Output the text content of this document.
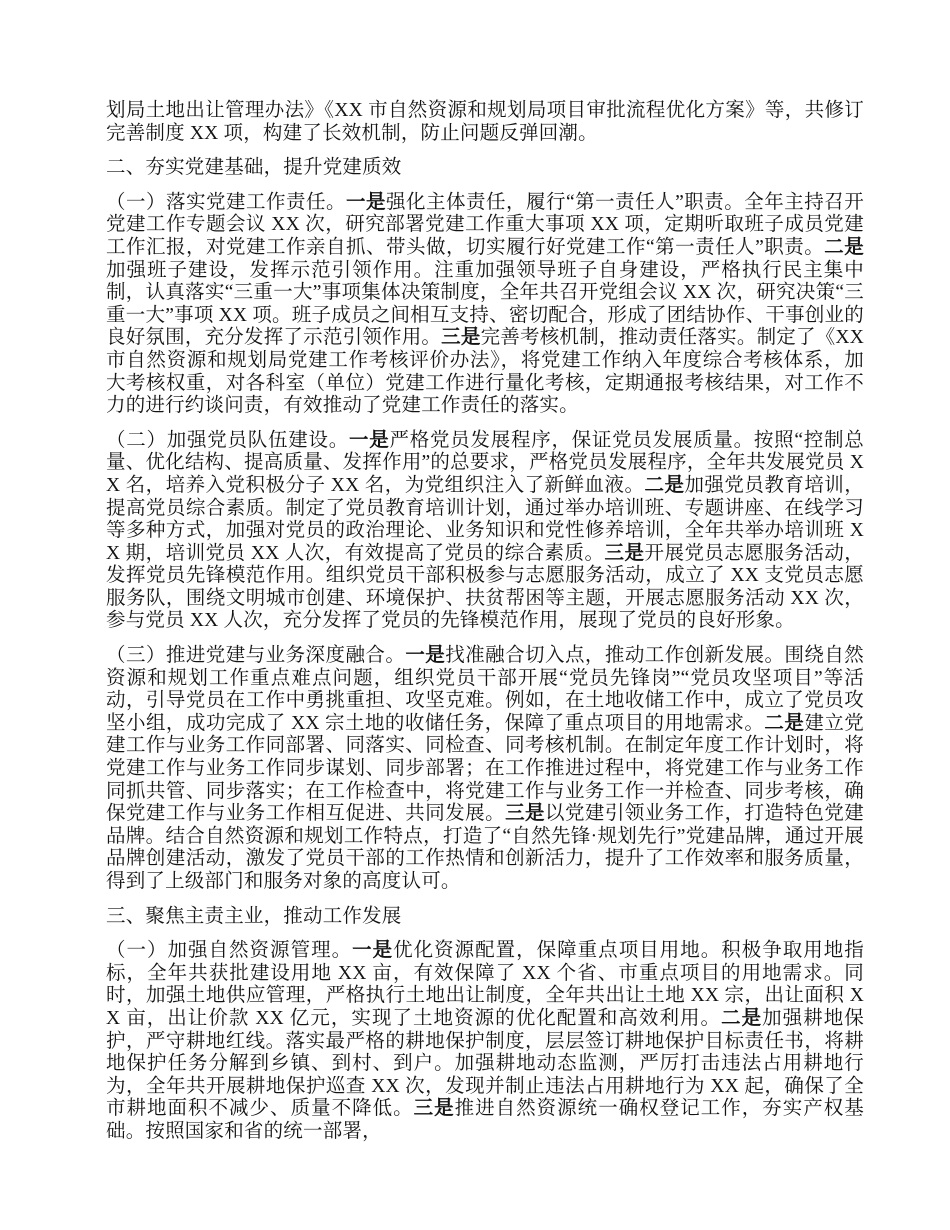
划局土地出让管理办法》《XX 市自然资源和规划局项目审批流程优化方案》等，共修订完善制度 XX 项，构建了长效机制，防止问题反弹回潮。

二、夯实党建基础，提升党建质效

（一）落实党建工作责任。一是强化主体责任，履行“第一责任人”职责。全年主持召开党建工作专题会议 XX 次，研究部署党建工作重大事项 XX 项，定期听取班子成员党建工作汇报，对党建工作亲自抓、带头做，切实履行好党建工作“第一责任人”职责。二是加强班子建设，发挥示范引领作用。注重加强领导班子自身建设，严格执行民主集中制，认真落实“三重一大”事项集体决策制度，全年共召开党组会议 XX 次，研究决策“三重一大”事项 XX 项。班子成员之间相互支持、密切配合，形成了团结协作、干事创业的良好氛围，充分发挥了示范引领作用。三是完善考核机制，推动责任落实。制定了《XX 市自然资源和规划局党建工作考核评价办法》，将党建工作纳入年度综合考核体系，加大考核权重，对各科室（单位）党建工作进行量化考核，定期通报考核结果，对工作不力的进行约谈问责，有效推动了党建工作责任的落实。

（二）加强党员队伍建设。一是严格党员发展程序，保证党员发展质量。按照“控制总量、优化结构、提高质量、发挥作用”的总要求，严格党员发展程序，全年共发展党员 XX 名，培养入党积极分子 XX 名，为党组织注入了新鲜血液。二是加强党员教育培训，提高党员综合素质。制定了党员教育培训计划，通过举办培训班、专题讲座、在线学习等多种方式，加强对党员的政治理论、业务知识和党性修养培训，全年共举办培训班 XX 期，培训党员 XX 人次，有效提高了党员的综合素质。三是开展党员志愿服务活动，发挥党员先锋模范作用。组织党员干部积极参与志愿服务活动，成立了 XX 支党员志愿服务队，围绕文明城市创建、环境保护、扶贫帮困等主题，开展志愿服务活动 XX 次，参与党员 XX 人次，充分发挥了党员的先锋模范作用，展现了党员的良好形象。

（三）推进党建与业务深度融合。一是找准融合切入点，推动工作创新发展。围绕自然资源和规划工作重点难点问题，组织党员干部开展“党员先锋岗”“党员攻坚项目”等活动，引导党员在工作中勇挑重担、攻坚克难。例如，在土地收储工作中，成立了党员攻坚小组，成功完成了 XX 宗土地的收储任务，保障了重点项目的用地需求。二是建立党建工作与业务工作同部署、同落实、同检查、同考核机制。在制定年度工作计划时，将党建工作与业务工作同步谋划、同步部署；在工作推进过程中，将党建工作与业务工作同抓共管、同步落实；在工作检查中，将党建工作与业务工作一并检查、同步考核，确保党建工作与业务工作相互促进、共同发展。三是以党建引领业务工作，打造特色党建品牌。结合自然资源和规划工作特点，打造了“自然先锋·规划先行”党建品牌，通过开展品牌创建活动，激发了党员干部的工作热情和创新活力，提升了工作效率和服务质量，得到了上级部门和服务对象的高度认可。

三、聚焦主责主业，推动工作发展

（一）加强自然资源管理。一是优化资源配置，保障重点项目用地。积极争取用地指标，全年共获批建设用地 XX 亩，有效保障了 XX 个省、市重点项目的用地需求。同时，加强土地供应管理，严格执行土地出让制度，全年共出让土地 XX 宗，出让面积 XX 亩，出让价款 XX 亿元，实现了土地资源的优化配置和高效利用。二是加强耕地保护，严守耕地红线。落实最严格的耕地保护制度，层层签订耕地保护目标责任书，将耕地保护任务分解到乡镇、到村、到户。加强耕地动态监测，严厉打击违法占用耕地行为，全年共开展耕地保护巡查 XX 次，发现并制止违法占用耕地行为 XX 起，确保了全市耕地面积不减少、质量不降低。三是推进自然资源统一确权登记工作，夯实产权基础。按照国家和省的统一部署，
